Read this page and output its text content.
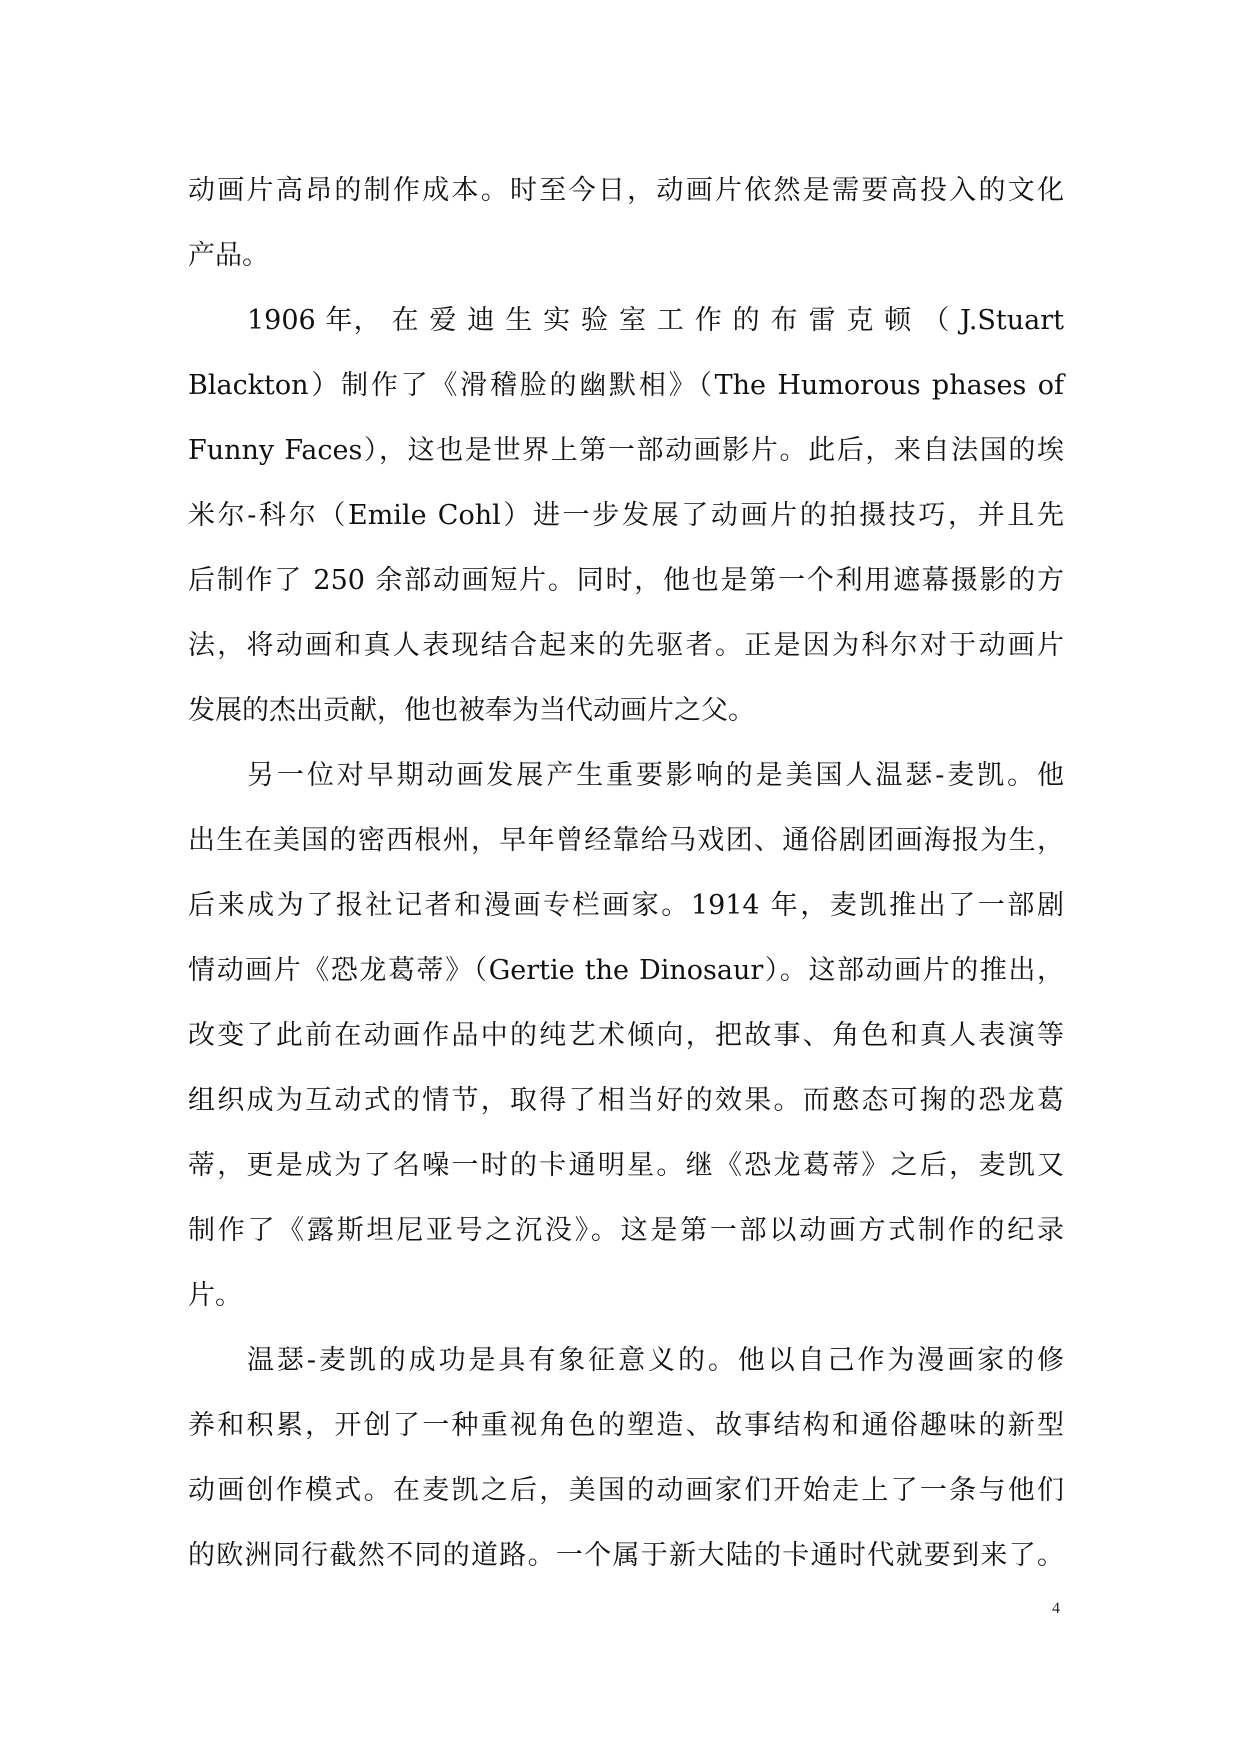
动画片高昂的制作成本。时至今日，动画片依然是需要高投入的文化
产品。
1906 年， 在 爱 迪 生 实 验 室 工 作 的 布 雷 克 顿 （ J.Stuart
Blackton）制作了《滑稽脸的幽默相》（The Humorous phases of
Funny Faces），这也是世界上第一部动画影片。此后，来自法国的埃
米尔-科尔（Emile Cohl）进一步发展了动画片的拍摄技巧，并且先
后制作了 250 余部动画短片。同时，他也是第一个利用遮幕摄影的方
法，将动画和真人表现结合起来的先驱者。正是因为科尔对于动画片
发展的杰出贡献，他也被奉为当代动画片之父。
另一位对早期动画发展产生重要影响的是美国人温瑟-麦凯。他
出生在美国的密西根州，早年曾经靠给马戏团、通俗剧团画海报为生，
后来成为了报社记者和漫画专栏画家。1914 年，麦凯推出了一部剧
情动画片《恐龙葛蒂》（Gertie the Dinosaur）。这部动画片的推出，
改变了此前在动画作品中的纯艺术倾向，把故事、角色和真人表演等
组织成为互动式的情节，取得了相当好的效果。而憨态可掬的恐龙葛
蒂，更是成为了名噪一时的卡通明星。继《恐龙葛蒂》之后，麦凯又
制作了《露斯坦尼亚号之沉没》。这是第一部以动画方式制作的纪录
片。
温瑟-麦凯的成功是具有象征意义的。他以自己作为漫画家的修
养和积累，开创了一种重视角色的塑造、故事结构和通俗趣味的新型
动画创作模式。在麦凯之后，美国的动画家们开始走上了一条与他们
的欧洲同行截然不同的道路。一个属于新大陆的卡通时代就要到来了。
4
